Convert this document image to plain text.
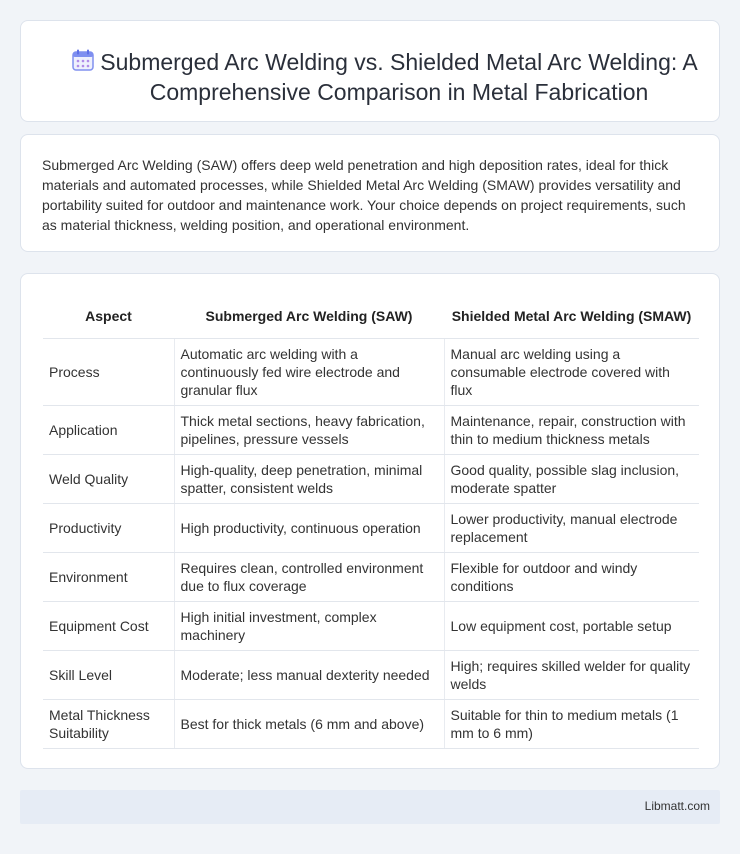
Submerged Arc Welding vs. Shielded Metal Arc Welding: A Comprehensive Comparison in Metal Fabrication

Submerged Arc Welding (SAW) offers deep weld penetration and high deposition rates, ideal for thick materials and automated processes, while Shielded Metal Arc Welding (SMAW) provides versatility and portability suited for outdoor and maintenance work. Your choice depends on project requirements, such as material thickness, welding position, and operational environment.

Aspect	Submerged Arc Welding (SAW)	Shielded Metal Arc Welding (SMAW)
Process	Automatic arc welding with a continuously fed wire electrode and granular flux	Manual arc welding using a consumable electrode covered with flux
Application	Thick metal sections, heavy fabrication, pipelines, pressure vessels	Maintenance, repair, construction with thin to medium thickness metals
Weld Quality	High-quality, deep penetration, minimal spatter, consistent welds	Good quality, possible slag inclusion, moderate spatter
Productivity	High productivity, continuous operation	Lower productivity, manual electrode replacement
Environment	Requires clean, controlled environment due to flux coverage	Flexible for outdoor and windy conditions
Equipment Cost	High initial investment, complex machinery	Low equipment cost, portable setup
Skill Level	Moderate; less manual dexterity needed	High; requires skilled welder for quality welds
Metal Thickness Suitability	Best for thick metals (6 mm and above)	Suitable for thin to medium metals (1 mm to 6 mm)
Libmatt.com
